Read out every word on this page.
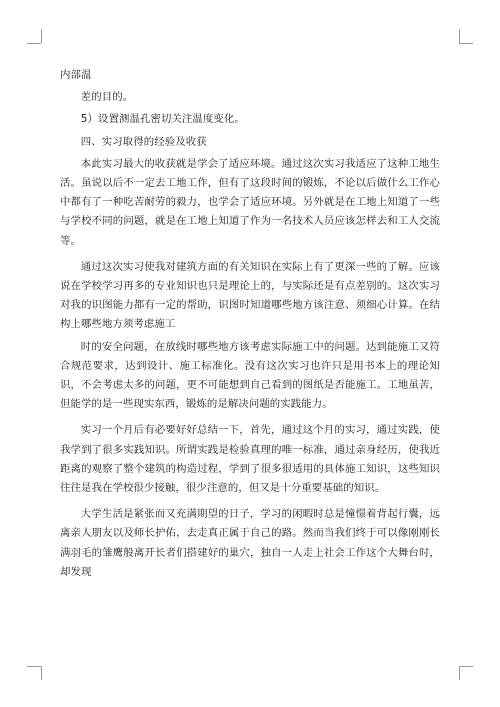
内部温

差的目的。

5）设置测温孔密切关注温度变化。

四、实习取得的经验及收获

本此实习最大的收获就是学会了适应环境。通过这次实习我适应了这种工地生活。虽说以后不一定去工地工作，但有了这段时间的锻炼，不论以后做什么工作心中都有了一种吃苦耐劳的毅力，也学会了适应环境。另外就是在工地上知道了一些与学校不同的问题，就是在工地上知道了作为一名技术人员应该怎样去和工人交流等。

通过这次实习使我对建筑方面的有关知识在实际上有了更深一些的了解。应该说在学校学习再多的专业知识也只是理论上的，与实际还是有点差别的。这次实习对我的识图能力都有一定的帮助，识图时知道哪些地方该注意、须细心计算。在结构上哪些地方须考虑施工

时的安全问题，在放线时哪些地方该考虑实际施工中的问题。达到能施工又符合规范要求，达到设计、施工标准化。没有这次实习也许只是用书本上的理论知识，不会考虑太多的问题，更不可能想到自己看到的图纸是否能施工。工地虽苦，但能学的是一些现实东西，锻炼的是解决问题的实践能力。

实习一个月后有必要好好总结一下，首先，通过这个月的实习，通过实践，使我学到了很多实践知识。所谓实践是检验真理的唯一标准，通过亲身经历，使我近距离的观察了整个建筑的构造过程，学到了很多很适用的具体施工知识，这些知识往往是我在学校很少接触，很少注意的，但又是十分重要基础的知识。

大学生活是紧张而又充满期望的日子，学习的闲暇时总是憧憬着背起行囊，远离亲人朋友以及师长护佑，去走真正属于自己的路。然而当我们终于可以像刚刚长满羽毛的雏鹰般离开长者们搭建好的巢穴，独自一人走上社会工作这个大舞台时，却发现
